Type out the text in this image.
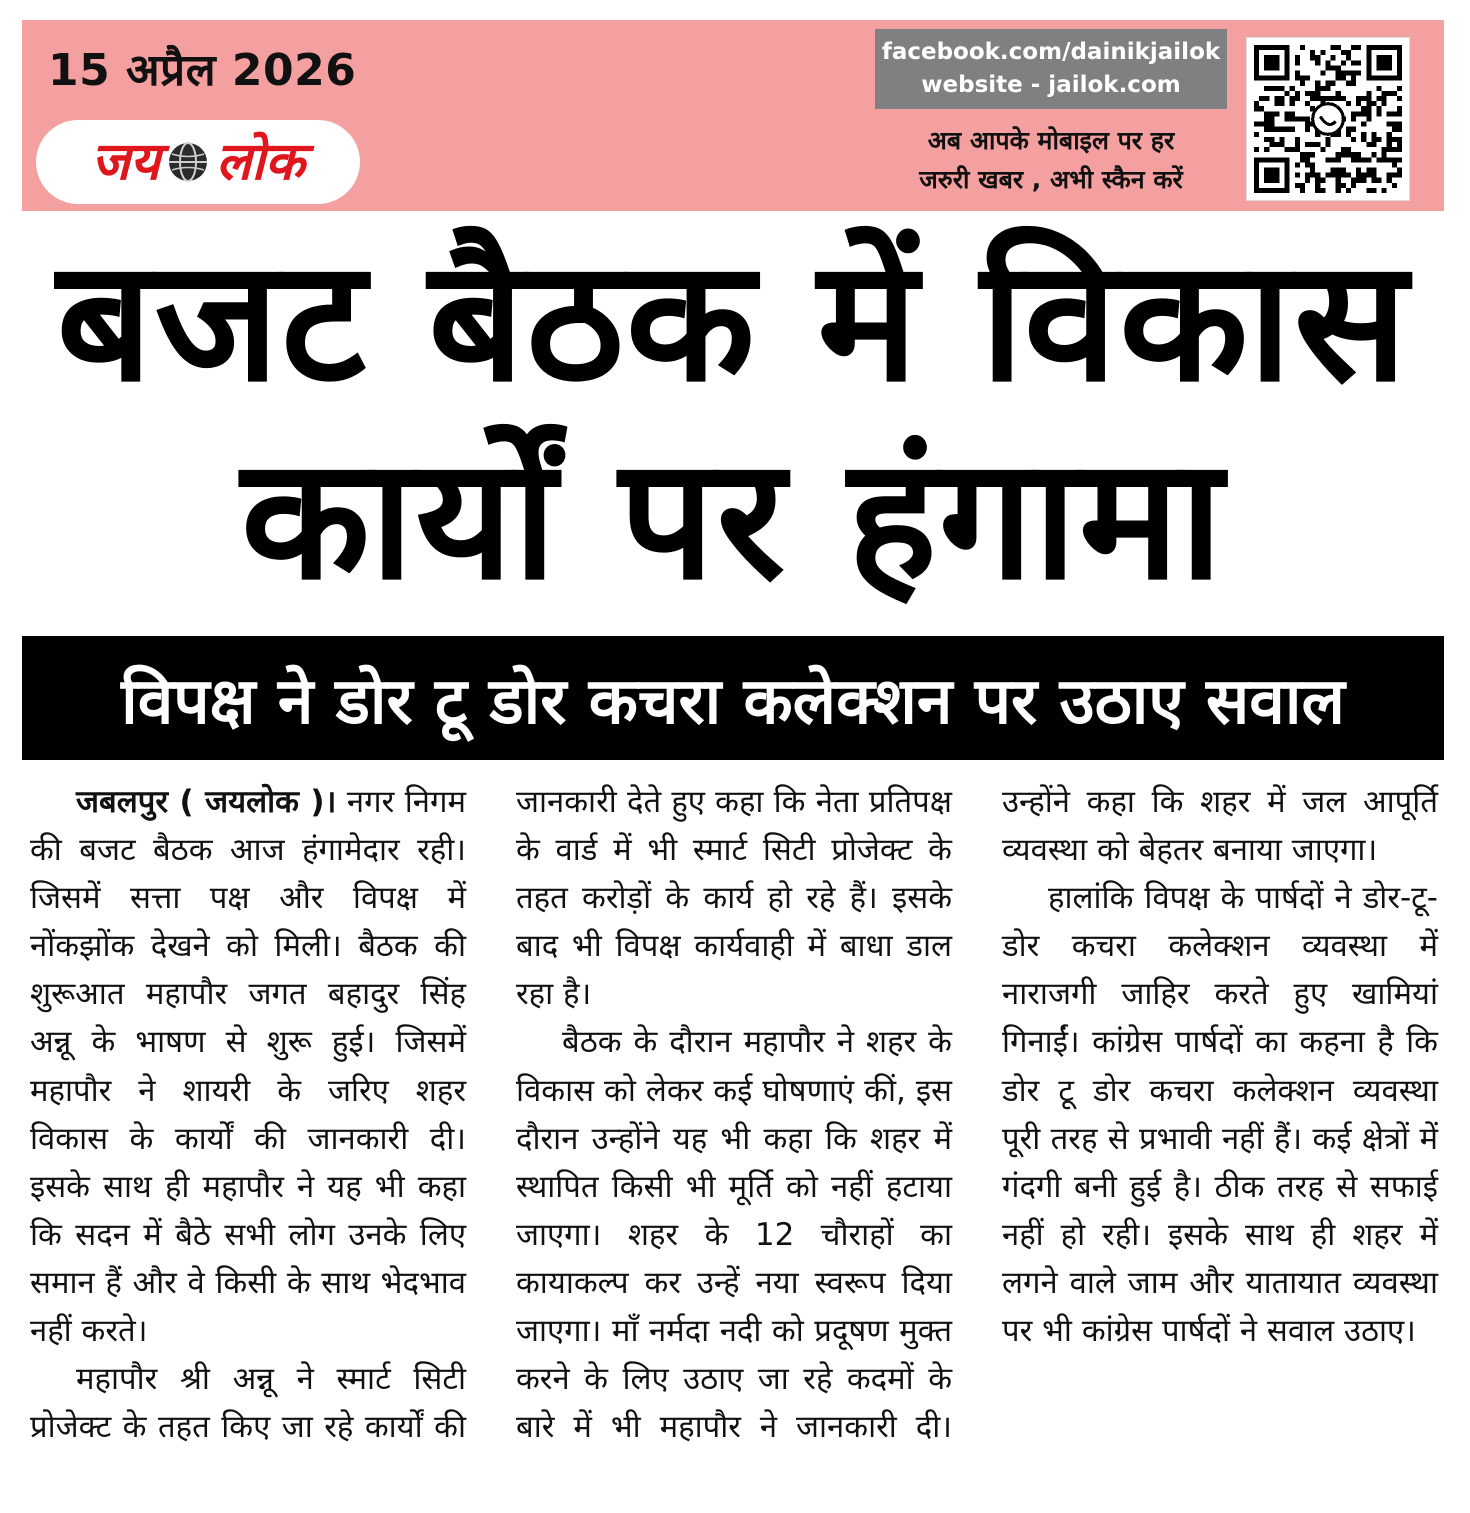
15 अप्रैल 2026
जय लोक
facebook.com/dainikjailok
website - jailok.com
अब आपके मोबाइल पर हर
जरुरी खबर , अभी स्कैन करें
बजट बैठक में विकास
कार्यों पर हंगामा
विपक्ष ने डोर टू डोर कचरा कलेक्शन पर उठाए सवाल

जबलपुर ( जयलोक )। नगर निगम की बजट बैठक आज हंगामेदार रही। जिसमें सत्ता पक्ष और विपक्ष में नोंकझोंक देखने को मिली। बैठक की शुरूआत महापौर जगत बहादुर सिंह अन्नू के भाषण से शुरू हुई। जिसमें महापौर ने शायरी के जरिए शहर विकास के कार्यों की जानकारी दी। इसके साथ ही महापौर ने यह भी कहा कि सदन में बैठे सभी लोग उनके लिए समान हैं और वे किसी के साथ भेदभाव नहीं करते।

महापौर श्री अन्नू ने स्मार्ट सिटी प्रोजेक्ट के तहत किए जा रहे कार्यों की जानकारी देते हुए कहा कि नेता प्रतिपक्ष के वार्ड में भी स्मार्ट सिटी प्रोजेक्ट के तहत करोड़ों के कार्य हो रहे हैं। इसके बाद भी विपक्ष कार्यवाही में बाधा डाल रहा है।

बैठक के दौरान महापौर ने शहर के विकास को लेकर कई घोषणाएं कीं, इस दौरान उन्होंने यह भी कहा कि शहर में स्थापित किसी भी मूर्ति को नहीं हटाया जाएगा। शहर के 12 चौराहों का कायाकल्प कर उन्हें नया स्वरूप दिया जाएगा। माँ नर्मदा नदी को प्रदूषण मुक्त करने के लिए उठाए जा रहे कदमों के बारे में भी महापौर ने जानकारी दी। उन्होंने कहा कि शहर में जल आपूर्ति व्यवस्था को बेहतर बनाया जाएगा।

हालांकि विपक्ष के पार्षदों ने डोर-टू-डोर कचरा कलेक्शन व्यवस्था में नाराजगी जाहिर करते हुए खामियां गिनाईं। कांग्रेस पार्षदों का कहना है कि डोर टू डोर कचरा कलेक्शन व्यवस्था पूरी तरह से प्रभावी नहीं हैं। कई क्षेत्रों में गंदगी बनी हुई है। ठीक तरह से सफाई नहीं हो रही। इसके साथ ही शहर में लगने वाले जाम और यातायात व्यवस्था पर भी कांग्रेस पार्षदों ने सवाल उठाए।
